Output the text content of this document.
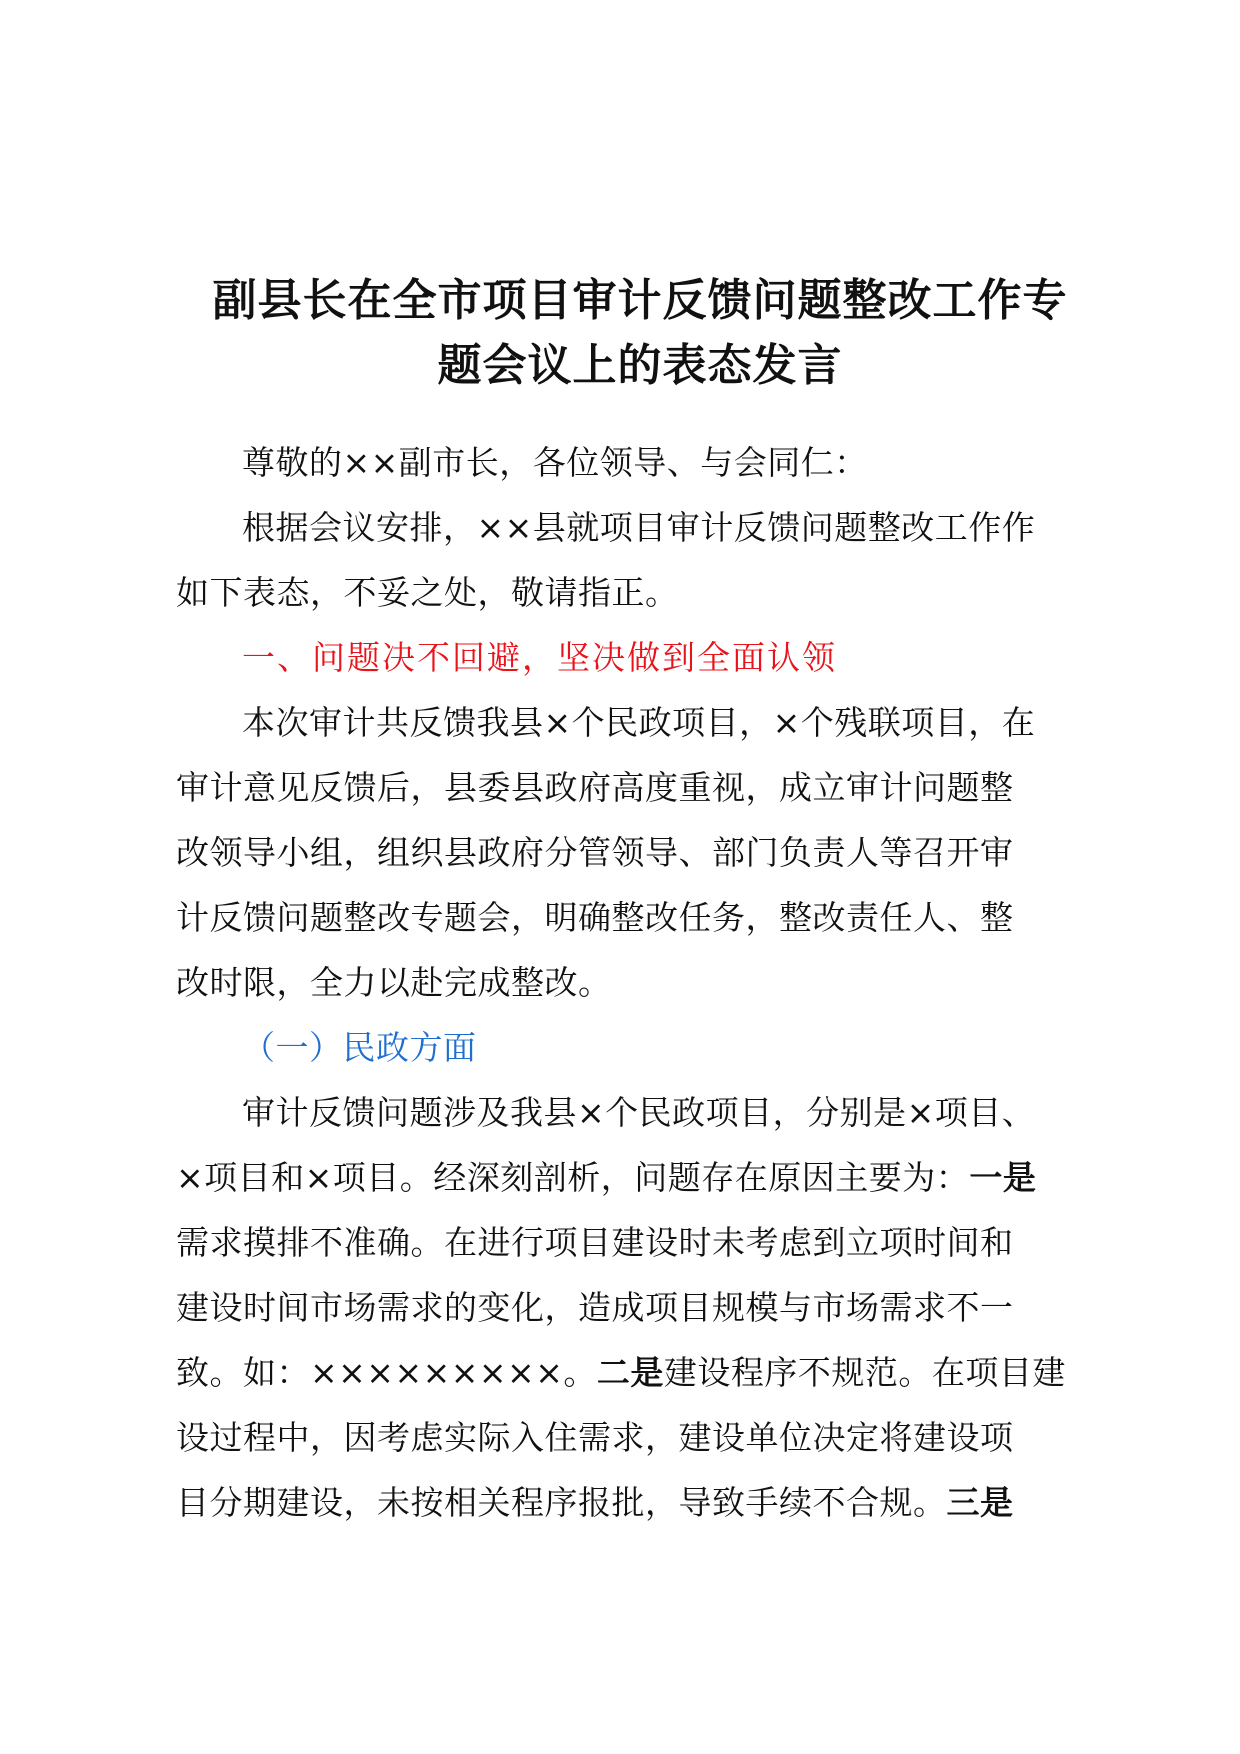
副县长在全市项目审计反馈问题整改工作专
题会议上的表态发言

尊敬的××副市长，各位领导、与会同仁：

根据会议安排，××县就项目审计反馈问题整改工作作
如下表态，不妥之处，敬请指正。

一、问题决不回避，坚决做到全面认领

本次审计共反馈我县×个民政项目，×个残联项目，在
审计意见反馈后，县委县政府高度重视，成立审计问题整
改领导小组，组织县政府分管领导、部门负责人等召开审
计反馈问题整改专题会，明确整改任务，整改责任人、整
改时限，全力以赴完成整改。

（一）民政方面

审计反馈问题涉及我县×个民政项目，分别是×项目、
×项目和×项目。经深刻剖析，问题存在原因主要为：一是
需求摸排不准确。在进行项目建设时未考虑到立项时间和
建设时间市场需求的变化，造成项目规模与市场需求不一
致。如：×××××××××。二是建设程序不规范。在项目建
设过程中，因考虑实际入住需求，建设单位决定将建设项
目分期建设，未按相关程序报批，导致手续不合规。三是
